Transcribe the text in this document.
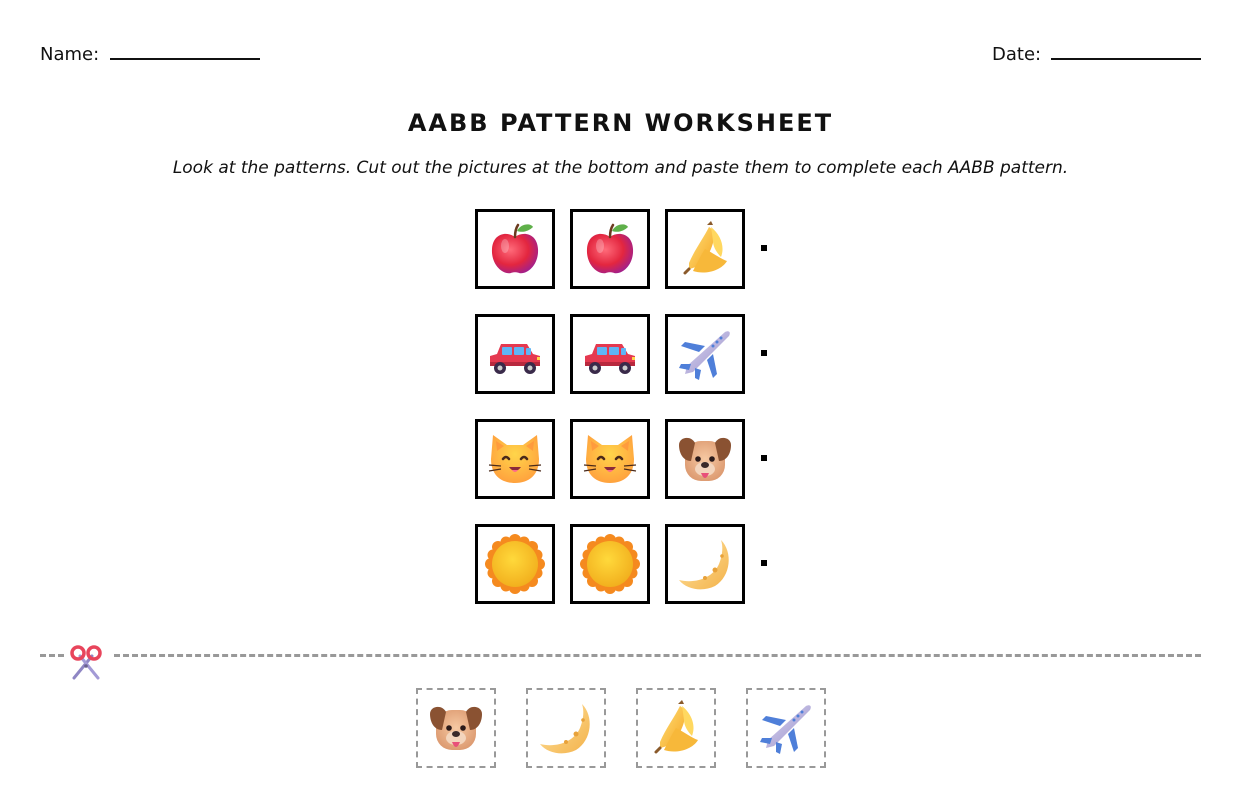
Name:	Date:
AABB PATTERN WORKSHEET
Look at the patterns. Cut out the pictures at the bottom and paste them to complete each AABB pattern.
